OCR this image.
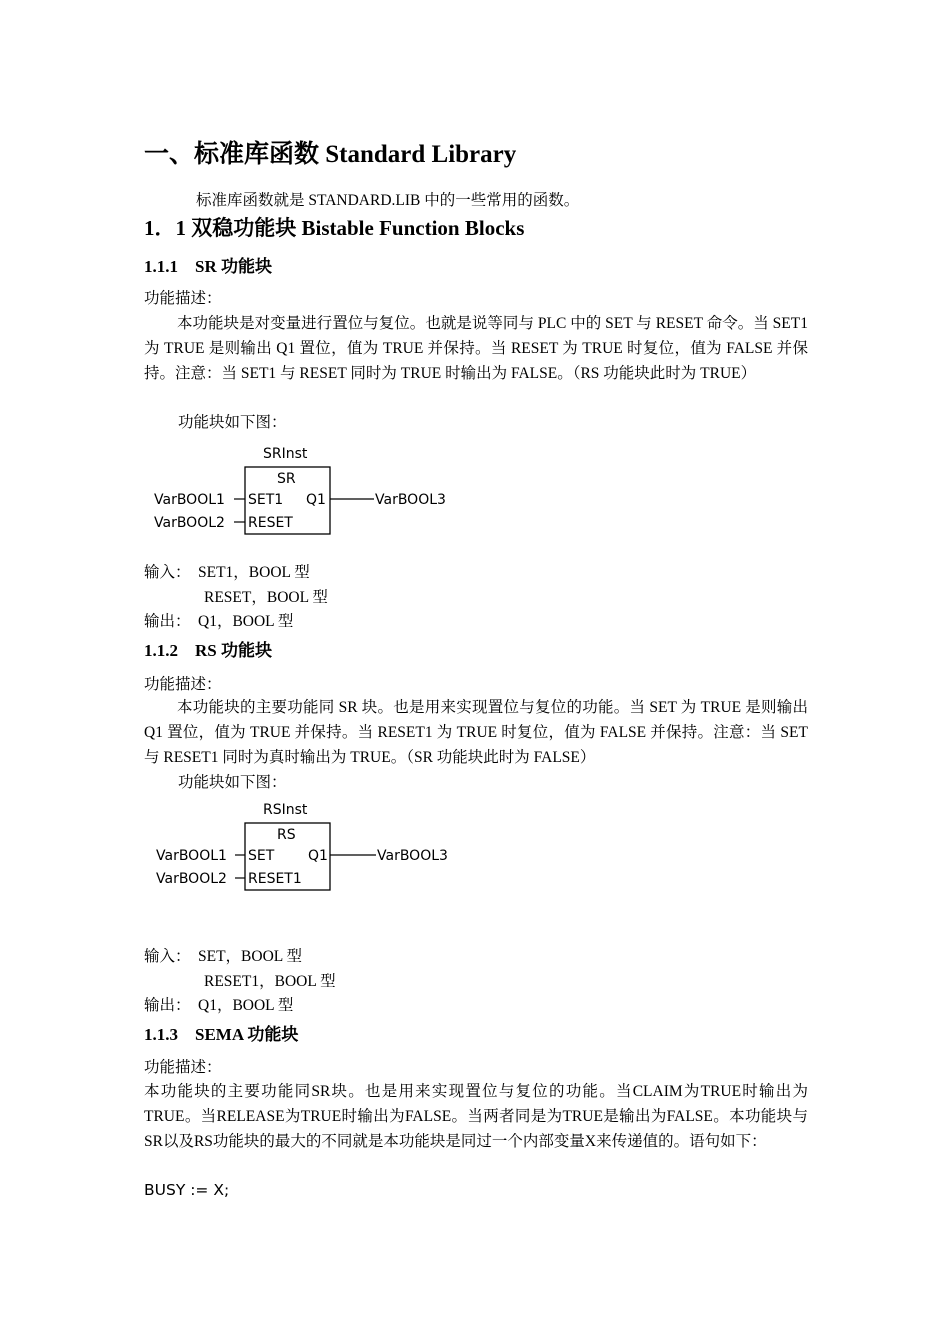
一、标准库函数 Standard Library
标准库函数就是 STANDARD.LIB 中的一些常用的函数。
1．1 双稳功能块 Bistable Function Blocks
1.1.1　SR 功能块
功能描述：
本功能块是对变量进行置位与复位。也就是说等同与 PLC 中的 SET 与 RESET 命令。当 SET1 为 TRUE 是则输出 Q1 置位，值为 TRUE 并保持。当 RESET 为 TRUE 时复位，值为 FALSE 并保持。注意：当 SET1 与 RESET 同时为 TRUE 时输出为 FALSE。（RS 功能块此时为 TRUE）
功能块如下图：
SRInst
SR
SET1 Q1
RESET
VarBOOL1
VarBOOL2
VarBOOL3
输入： SET1，BOOL 型
RESET，BOOL 型
输出： Q1，BOOL 型
1.1.2　RS 功能块
功能描述：
本功能块的主要功能同 SR 块。也是用来实现置位与复位的功能。当 SET 为 TRUE 是则输出 Q1 置位，值为 TRUE 并保持。当 RESET1 为 TRUE 时复位，值为 FALSE 并保持。注意：当 SET 与 RESET1 同时为真时输出为 TRUE。（SR 功能块此时为 FALSE）
功能块如下图：
RSInst
RS
SET Q1
RESET1
VarBOOL1
VarBOOL2
VarBOOL3
输入： SET，BOOL 型
RESET1，BOOL 型
输出： Q1，BOOL 型
1.1.3　SEMA 功能块
功能描述：
本功能块的主要功能同SR块。也是用来实现置位与复位的功能。当CLAIM为TRUE时输出为TRUE。当RELEASE为TRUE时输出为FALSE。当两者同是为TRUE是输出为FALSE。本功能块与SR以及RS功能块的最大的不同就是本功能块是同过一个内部变量X来传递值的。语句如下：
BUSY := X;
